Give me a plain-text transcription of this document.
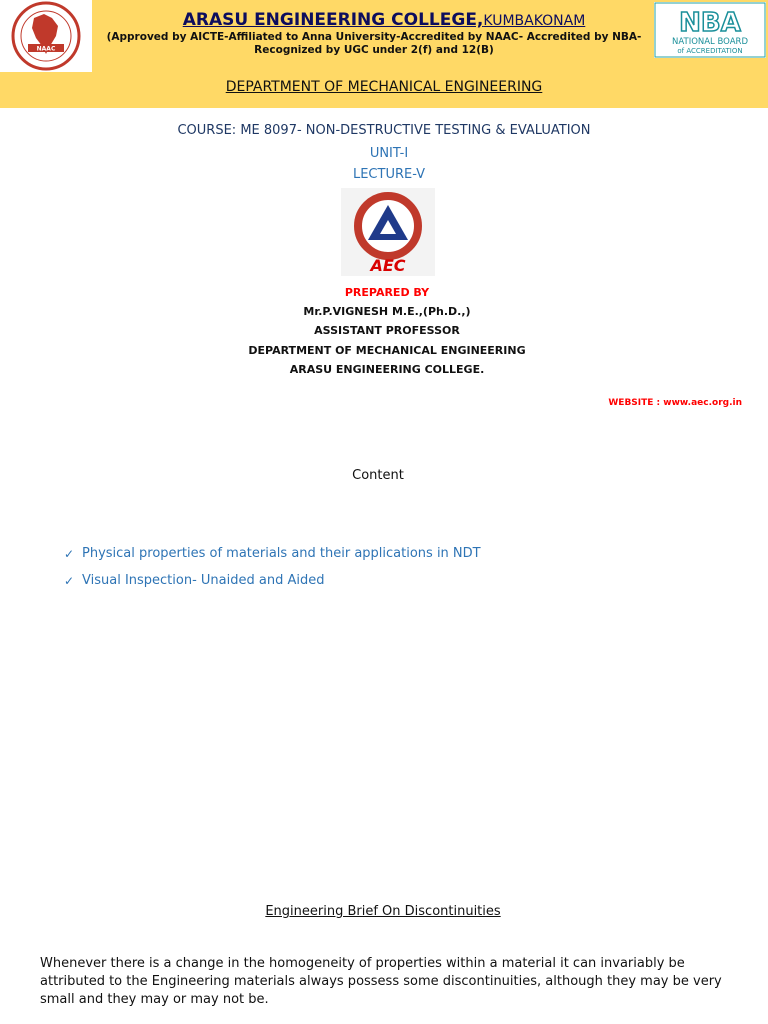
NAAC
NBA
NATIONAL BOARD
of ACCREDITATION
ARASU ENGINEERING COLLEGE,KUMBAKONAM
(Approved by AICTE-Affiliated to Anna University-Accredited by NAAC- Accredited by NBA-
Recognized by UGC under 2(f) and 12(B)
DEPARTMENT OF MECHANICAL ENGINEERING
COURSE: ME 8097- NON-DESTRUCTIVE TESTING & EVALUATION
UNIT-I
LECTURE-V
AEC
PREPARED BY
Mr.P.VIGNESH M.E.,(Ph.D.,)
ASSISTANT PROFESSOR
DEPARTMENT OF MECHANICAL ENGINEERING
ARASU ENGINEERING COLLEGE.
WEBSITE : www.aec.org.in
Content
✓ Physical properties of materials and their applications in NDT
✓ Visual Inspection- Unaided and Aided
Engineering Brief On Discontinuities
Whenever there is a change in the homogeneity of properties within a material it can invariably be attributed to the Engineering materials always possess some discontinuities, although they may be very small and they may or may not be.
